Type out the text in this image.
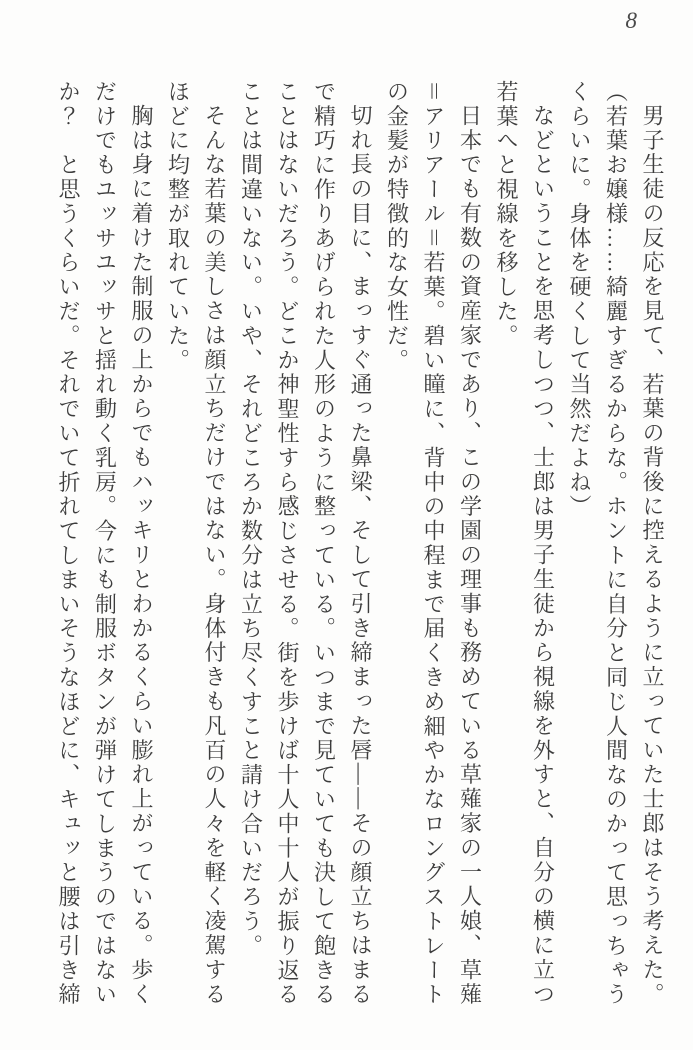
8

男子生徒の反応を見て、若葉の背後に控えるように立っていた士郎はそう考えた。

（若葉お嬢様……綺麗すぎるからな。ホントに自分と同じ人間なのかって思っちゃうくらいに。身体を硬くして当然だよね）

などということを思考しつつ、士郎は男子生徒から視線を外すと、自分の横に立つ若葉へと視線を移した。

日本でも有数の資産家であり、この学園の理事も務めている草薙家の一人娘、草薙＝アリアール＝若葉。碧い瞳に、背中の中程まで届くきめ細やかなロングストレートの金髪が特徴的な女性だ。

切れ長の目に、まっすぐ通った鼻梁、そして引き締まった唇――その顔立ちはまるで精巧に作りあげられた人形のように整っている。いつまで見ていても決して飽きることはないだろう。どこか神聖性すら感じさせる。街を歩けば十人中十人が振り返ることは間違いない。いや、それどころか数分は立ち尽くすこと請け合いだろう。

そんな若葉の美しさは顔立ちだけではない。身体付きも凡百の人々を軽く凌駕するほどに均整が取れていた。

胸は身に着けた制服の上からでもハッキリとわかるくらい膨れ上がっている。歩くだけでもユッサユッサと揺れ動く乳房。今にも制服ボタンが弾けてしまうのではないか？　と思うくらいだ。それでいて折れてしまいそうなほどに、キュッと腰は引き締
